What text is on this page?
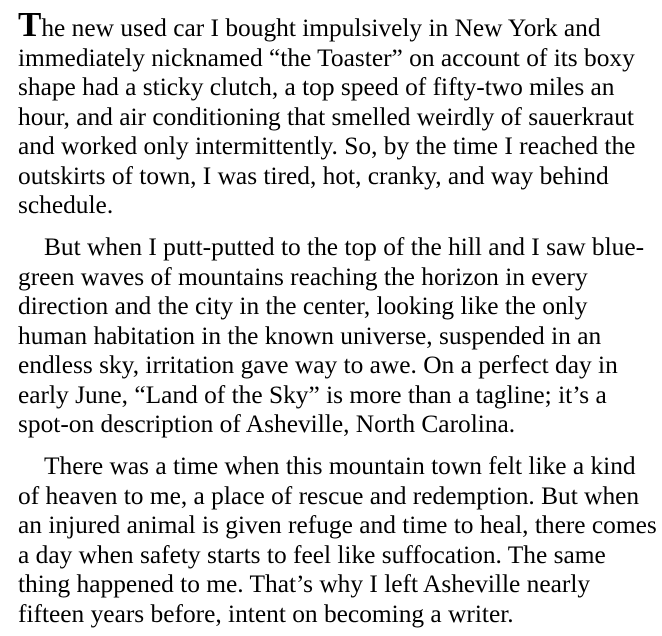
The new used car I bought impulsively in New York and
immediately nicknamed “the Toaster” on account of its boxy
shape had a sticky clutch, a top speed of fifty-two miles an
hour, and air conditioning that smelled weirdly of sauerkraut
and worked only intermittently. So, by the time I reached the
outskirts of town, I was tired, hot, cranky, and way behind
schedule.

But when I putt-putted to the top of the hill and I saw blue-
green waves of mountains reaching the horizon in every
direction and the city in the center, looking like the only
human habitation in the known universe, suspended in an
endless sky, irritation gave way to awe. On a perfect day in
early June, “Land of the Sky” is more than a tagline; it’s a
spot-on description of Asheville, North Carolina.

There was a time when this mountain town felt like a kind
of heaven to me, a place of rescue and redemption. But when
an injured animal is given refuge and time to heal, there comes
a day when safety starts to feel like suffocation. The same
thing happened to me. That’s why I left Asheville nearly
fifteen years before, intent on becoming a writer.
